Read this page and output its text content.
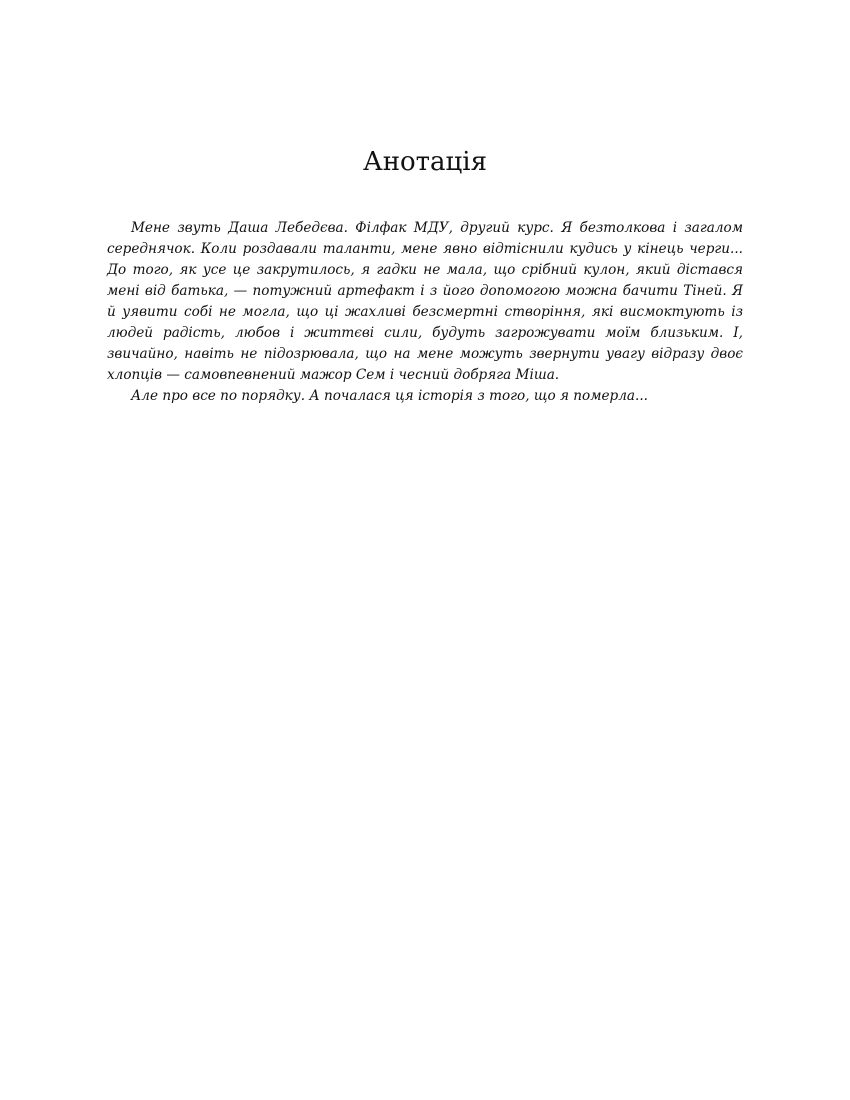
Анотація

Мене звуть Даша Лебедєва. Філфак МДУ, другий курс. Я безтолкова і загалом середнячок. Коли роздавали таланти, мене явно відтіснили кудись у кінець черги... До того, як усе це закрутилось, я гадки не мала, що срібний кулон, який дістався мені від батька, — потужний артефакт і з його допомогою можна бачити Тіней. Я й уявити собі не могла, що ці жахливі безсмертні створіння, які висмоктують із людей радість, любов і життєві сили, будуть загрожувати моїм близьким. І, звичайно, навіть не підозрювала, що на мене можуть звернути увагу відразу двоє хлопців — самовпевнений мажор Сем і чесний добряга Міша.

Але про все по порядку. А почалася ця історія з того, що я померла...
